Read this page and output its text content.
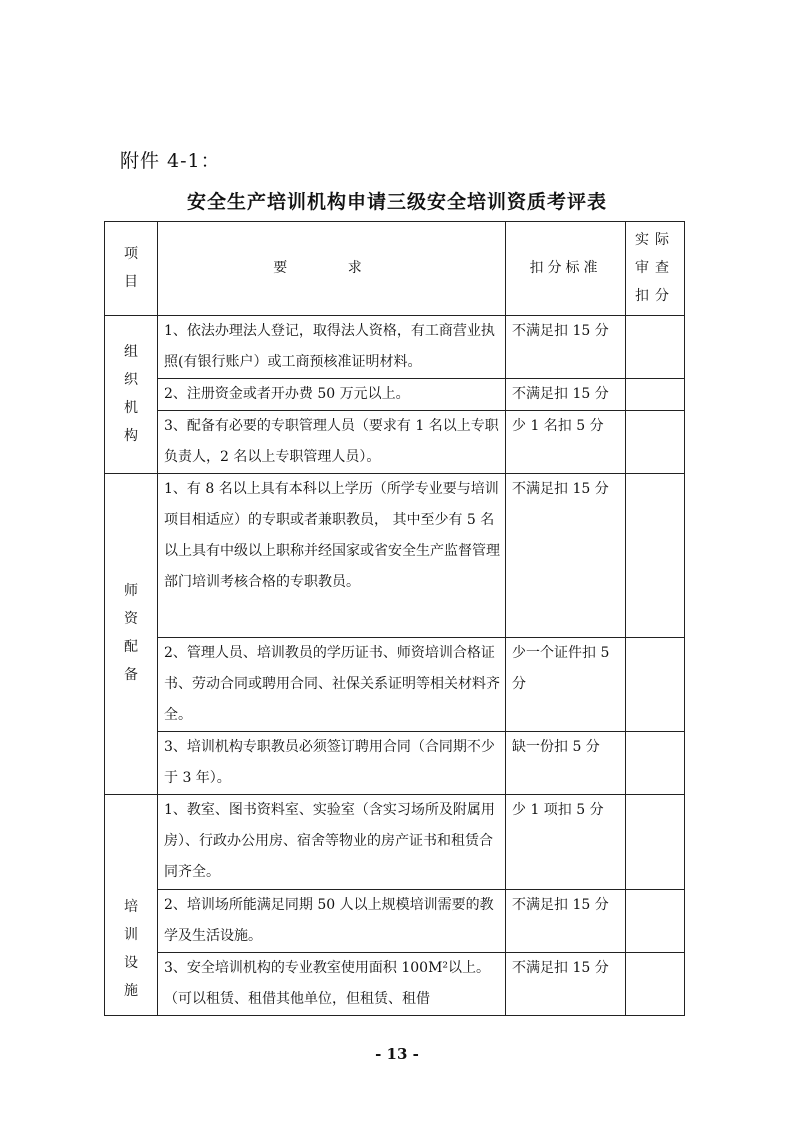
附件 4-1：
安全生产培训机构申请三级安全培训资质考评表
项目	要 求	扣分标准	实际审查扣分
组织机构	1、依法办理法人登记，取得法人资格，有工商营业执照(有银行账户）或工商预核准证明材料。	不满足扣 15 分	
	2、注册资金或者开办费 50 万元以上。	不满足扣 15 分	
	3、配备有必要的专职管理人员（要求有 1 名以上专职负责人，2 名以上专职管理人员）。	少 1 名扣 5 分	
师资配备	1、有 8 名以上具有本科以上学历（所学专业要与培训项目相适应）的专职或者兼职教员， 其中至少有 5 名以上具有中级以上职称并经国家或省安全生产监督管理部门培训考核合格的专职教员。	不满足扣 15 分	
	2、管理人员、培训教员的学历证书、师资培训合格证书、劳动合同或聘用合同、社保关系证明等相关材料齐全。	少一个证件扣 5 分	
	3、培训机构专职教员必须签订聘用合同（合同期不少于 3 年）。	缺一份扣 5 分	
培训设施	1、教室、图书资料室、实验室（含实习场所及附属用房）、行政办公用房、宿舍等物业的房产证书和租赁合同齐全。	少 1 项扣 5 分	
	2、培训场所能满足同期 50 人以上规模培训需要的教学及生活设施。	不满足扣 15 分	
	3、安全培训机构的专业教室使用面积 100M²以上。（可以租赁、租借其他单位，但租赁、租借	不满足扣 15 分	
- 13 -
